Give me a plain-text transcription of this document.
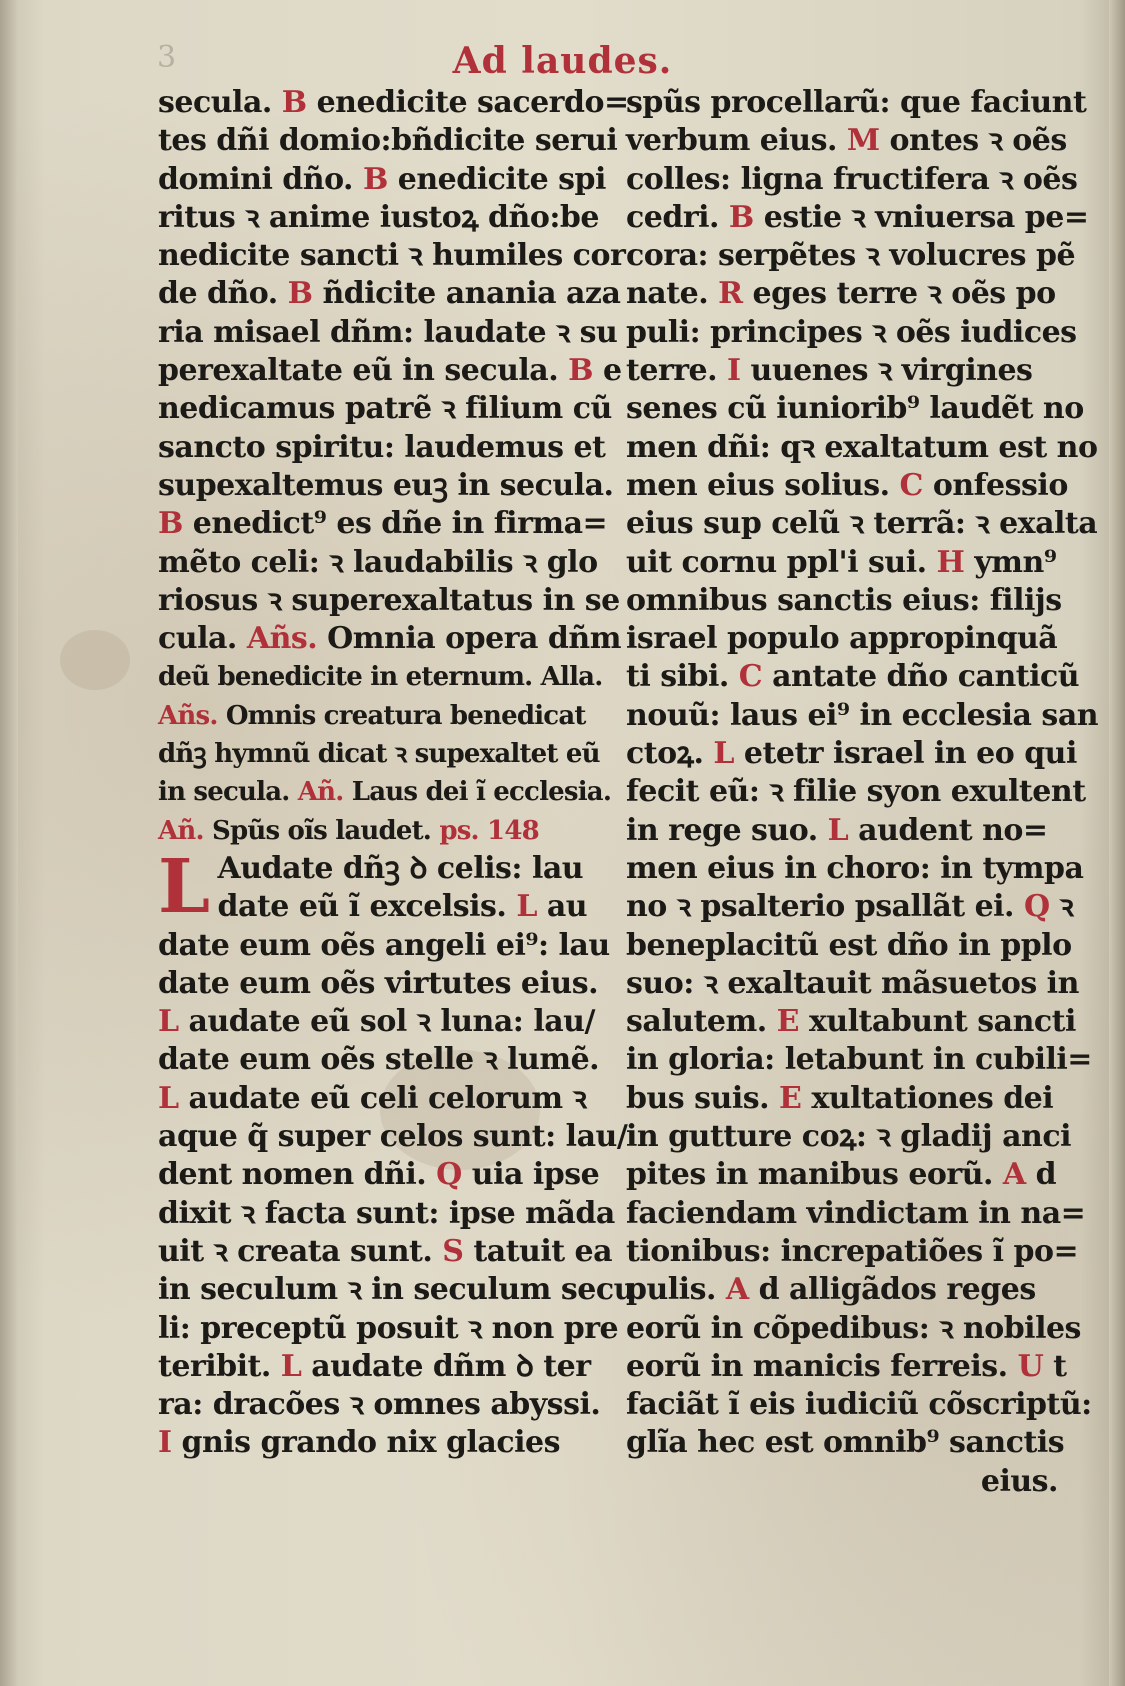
3	Ad laudes.
secula. B enedicite sacerdo=
tes dñi domio:bñdicite serui
domini dño. B enedicite spi
ritus ꝛ anime iustoꝝ dño:be
nedicite sancti ꝛ humiles cor
de dño. B ñdicite anania aza
ria misael dñm: laudate ꝛ su
perexaltate eũ in secula. B e
nedicamus patrẽ ꝛ filium cũ
sancto spiritu: laudemus et
supexaltemus euꝫ in secula.
B enedict⁹ es dñe in firma=
mẽto celi: ꝛ laudabilis ꝛ glo
riosus ꝛ superexaltatus in se
cula. Añs. Omnia opera dñm
deũ benedicite in eternum. Alla.
Añs. Omnis creatura benedicat
dñꝫ hymnũ dicat ꝛ supexaltet eũ
in secula. Añ. Laus dei ĩ ecclesia.
Añ. Spũs oĩs laudet. ps. 148
L Audate dñꝫ ꝺ celis: lau
date eũ ĩ excelsis. L au
date eum oẽs angeli ei⁹: lau
date eum oẽs virtutes eius.
L audate eũ sol ꝛ luna: lau/
date eum oẽs stelle ꝛ lumẽ.
L audate eũ celi celorum ꝛ
aque q̃ super celos sunt: lau/
dent nomen dñi. Q uia ipse
dixit ꝛ facta sunt: ipse mãda
uit ꝛ creata sunt. S tatuit ea
in seculum ꝛ in seculum secu
li: preceptũ posuit ꝛ non pre
teribit. L audate dñm ꝺ ter
ra: dracões ꝛ omnes abyssi.
I gnis grando nix glacies
spũs procellarũ: que faciunt
verbum eius. M ontes ꝛ oẽs
colles: ligna fructifera ꝛ oẽs
cedri. B estie ꝛ vniuersa pe=
cora: serpẽtes ꝛ volucres pẽ
nate. R eges terre ꝛ oẽs po
puli: principes ꝛ oẽs iudices
terre. I uuenes ꝛ virgines
senes cũ iuniorib⁹ laudẽt no
men dñi: qꝛ exaltatum est no
men eius solius. C onfessio
eius sup celũ ꝛ terrã: ꝛ exalta
uit cornu ppl'i sui. H ymn⁹
omnibus sanctis eius: filijs
israel populo appropinquã
ti sibi. C antate dño canticũ
nouũ: laus ei⁹ in ecclesia san
ctoꝝ. L etetr israel in eo qui
fecit eũ: ꝛ filie syon exultent
in rege suo. L audent no=
men eius in choro: in tympa
no ꝛ psalterio psallãt ei. Q ꝛ
beneplacitũ est dño in pplo
suo: ꝛ exaltauit mãsuetos in
salutem. E xultabunt sancti
in gloria: letabunt in cubili=
bus suis. E xultationes dei
in gutture coꝝ: ꝛ gladij anci
pites in manibus eorũ. A d
faciendam vindictam in na=
tionibus: increpatiões ĩ po=
pulis. A d alligãdos reges
eorũ in cõpedibus: ꝛ nobiles
eorũ in manicis ferreis. U t
faciãt ĩ eis iudiciũ cõscriptũ:
glĩa hec est omnib⁹ sanctis
eius.
